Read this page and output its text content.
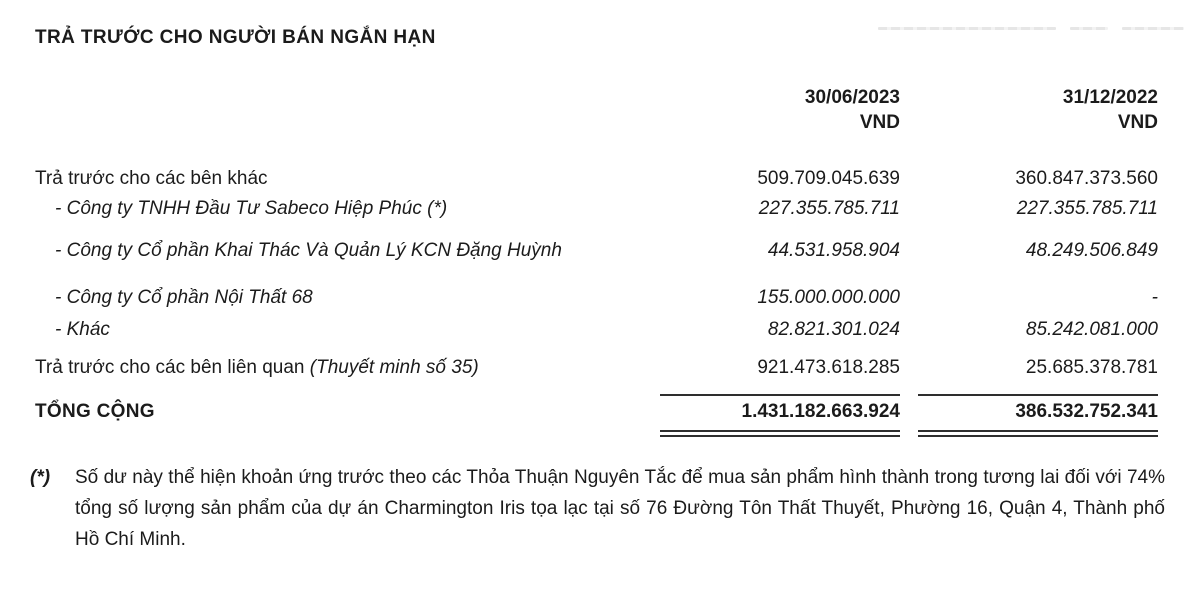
TRẢ TRƯỚC CHO NGƯỜI BÁN NGẮN HẠN
30/06/2023
VND
31/12/2022
VND
Trả trước cho các bên khác	509.709.045.639	360.847.373.560
- Công ty TNHH Đầu Tư Sabeco Hiệp Phúc (*)	227.355.785.711	227.355.785.711
- Công ty Cổ phần Khai Thác Và Quản Lý KCN Đặng Huỳnh	44.531.958.904	48.249.506.849
- Công ty Cổ phần Nội Thất 68	155.000.000.000	-
- Khác	82.821.301.024	85.242.081.000
Trả trước cho các bên liên quan (Thuyết minh số 35)	921.473.618.285	25.685.378.781
TỔNG CỘNG	1.431.182.663.924	386.532.752.341
(*)	Số dư này thể hiện khoản ứng trước theo các Thỏa Thuận Nguyên Tắc để mua sản phẩm hình thành trong tương lai đối với 74% tổng số lượng sản phẩm của dự án Charmington Iris tọa lạc tại số 76 Đường Tôn Thất Thuyết, Phường 16, Quận 4, Thành phố Hồ Chí Minh.
